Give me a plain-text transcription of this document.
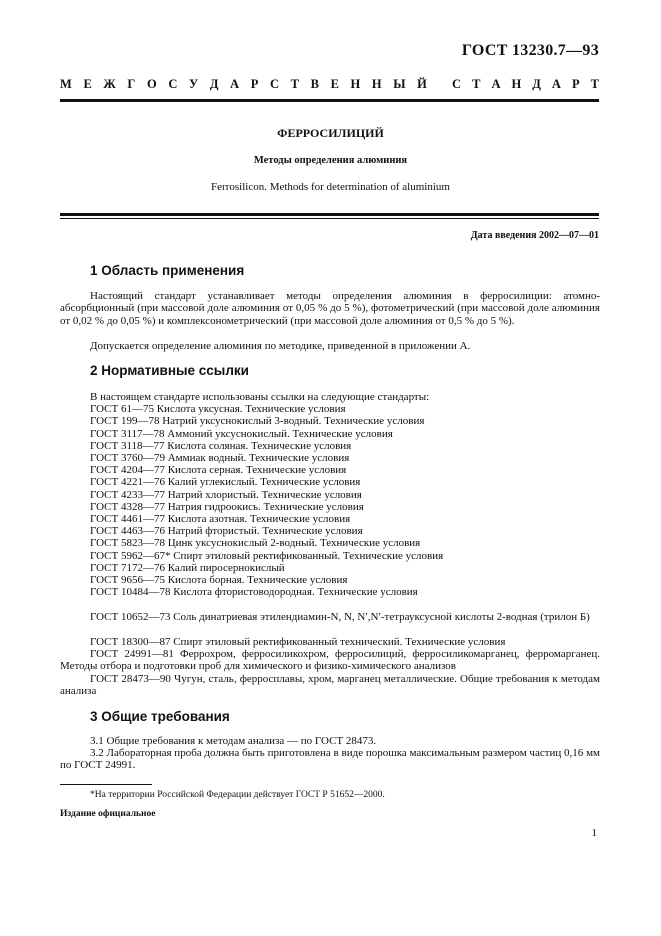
ГОСТ 13230.7—93
М Е Ж Г О С У Д А Р С Т В Е Н Н Ы Й С Т А Н Д А Р Т
ФЕРРОСИЛИЦИЙ
Методы определения алюминия
Ferrosilicon. Methods for determination of aluminium
Дата введения 2002—07—01
1 Область применения
Настоящий стандарт устанавливает методы определения алюминия в ферросилиции: атомно-абсорбционный (при массовой доле алюминия от 0,05 % до 5 %), фотометрический (при массовой доле алюминия от 0,02 % до 0,05 %) и комплексонометрический (при массовой доле алюминия от 0,5 % до 5 %).
Допускается определение алюминия по методике, приведенной в приложении А.
2 Нормативные ссылки
В настоящем стандарте использованы ссылки на следующие стандарты:
ГОСТ 61—75 Кислота уксусная. Технические условия
ГОСТ 199—78 Натрий уксуснокислый 3-водный. Технические условия
ГОСТ 3117—78 Аммоний уксуснокислый. Технические условия
ГОСТ 3118—77 Кислота соляная. Технические условия
ГОСТ 3760—79 Аммиак водный. Технические условия
ГОСТ 4204—77 Кислота серная. Технические условия
ГОСТ 4221—76 Калий углекислый. Технические условия
ГОСТ 4233—77 Натрий хлористый. Технические условия
ГОСТ 4328—77 Натрия гидроокись. Технические условия
ГОСТ 4461—77 Кислота азотная. Технические условия
ГОСТ 4463—76 Натрий фтористый. Технические условия
ГОСТ 5823—78 Цинк уксуснокислый 2-водный. Технические условия
ГОСТ 5962—67* Спирт этиловый ректификованный. Технические условия
ГОСТ 7172—76 Калий пиросернокислый
ГОСТ 9656—75 Кислота борная. Технические условия
ГОСТ 10484—78 Кислота фтористоводородная. Технические условия
ГОСТ 10652—73 Соль динатриевая этилендиамин-N, N, N′,N′-тетрауксусной кислоты 2-водная (трилон Б)
ГОСТ 18300—87 Спирт этиловый ректификованный технический. Технические условия
ГОСТ 24991—81 Феррохром, ферросиликохром, ферросилиций, ферросиликомарганец, ферромарганец. Методы отбора и подготовки проб для химического и физико-химического анализов
ГОСТ 28473—90 Чугун, сталь, ферросплавы, хром, марганец металлические. Общие требования к методам анализа
3 Общие требования
3.1 Общие требования к методам анализа — по ГОСТ 28473.
3.2 Лабораторная проба должна быть приготовлена в виде порошка максимальным размером частиц 0,16 мм по ГОСТ 24991.
*На территории Российской Федерации действует ГОСТ Р 51652—2000.
Издание официальное
1
